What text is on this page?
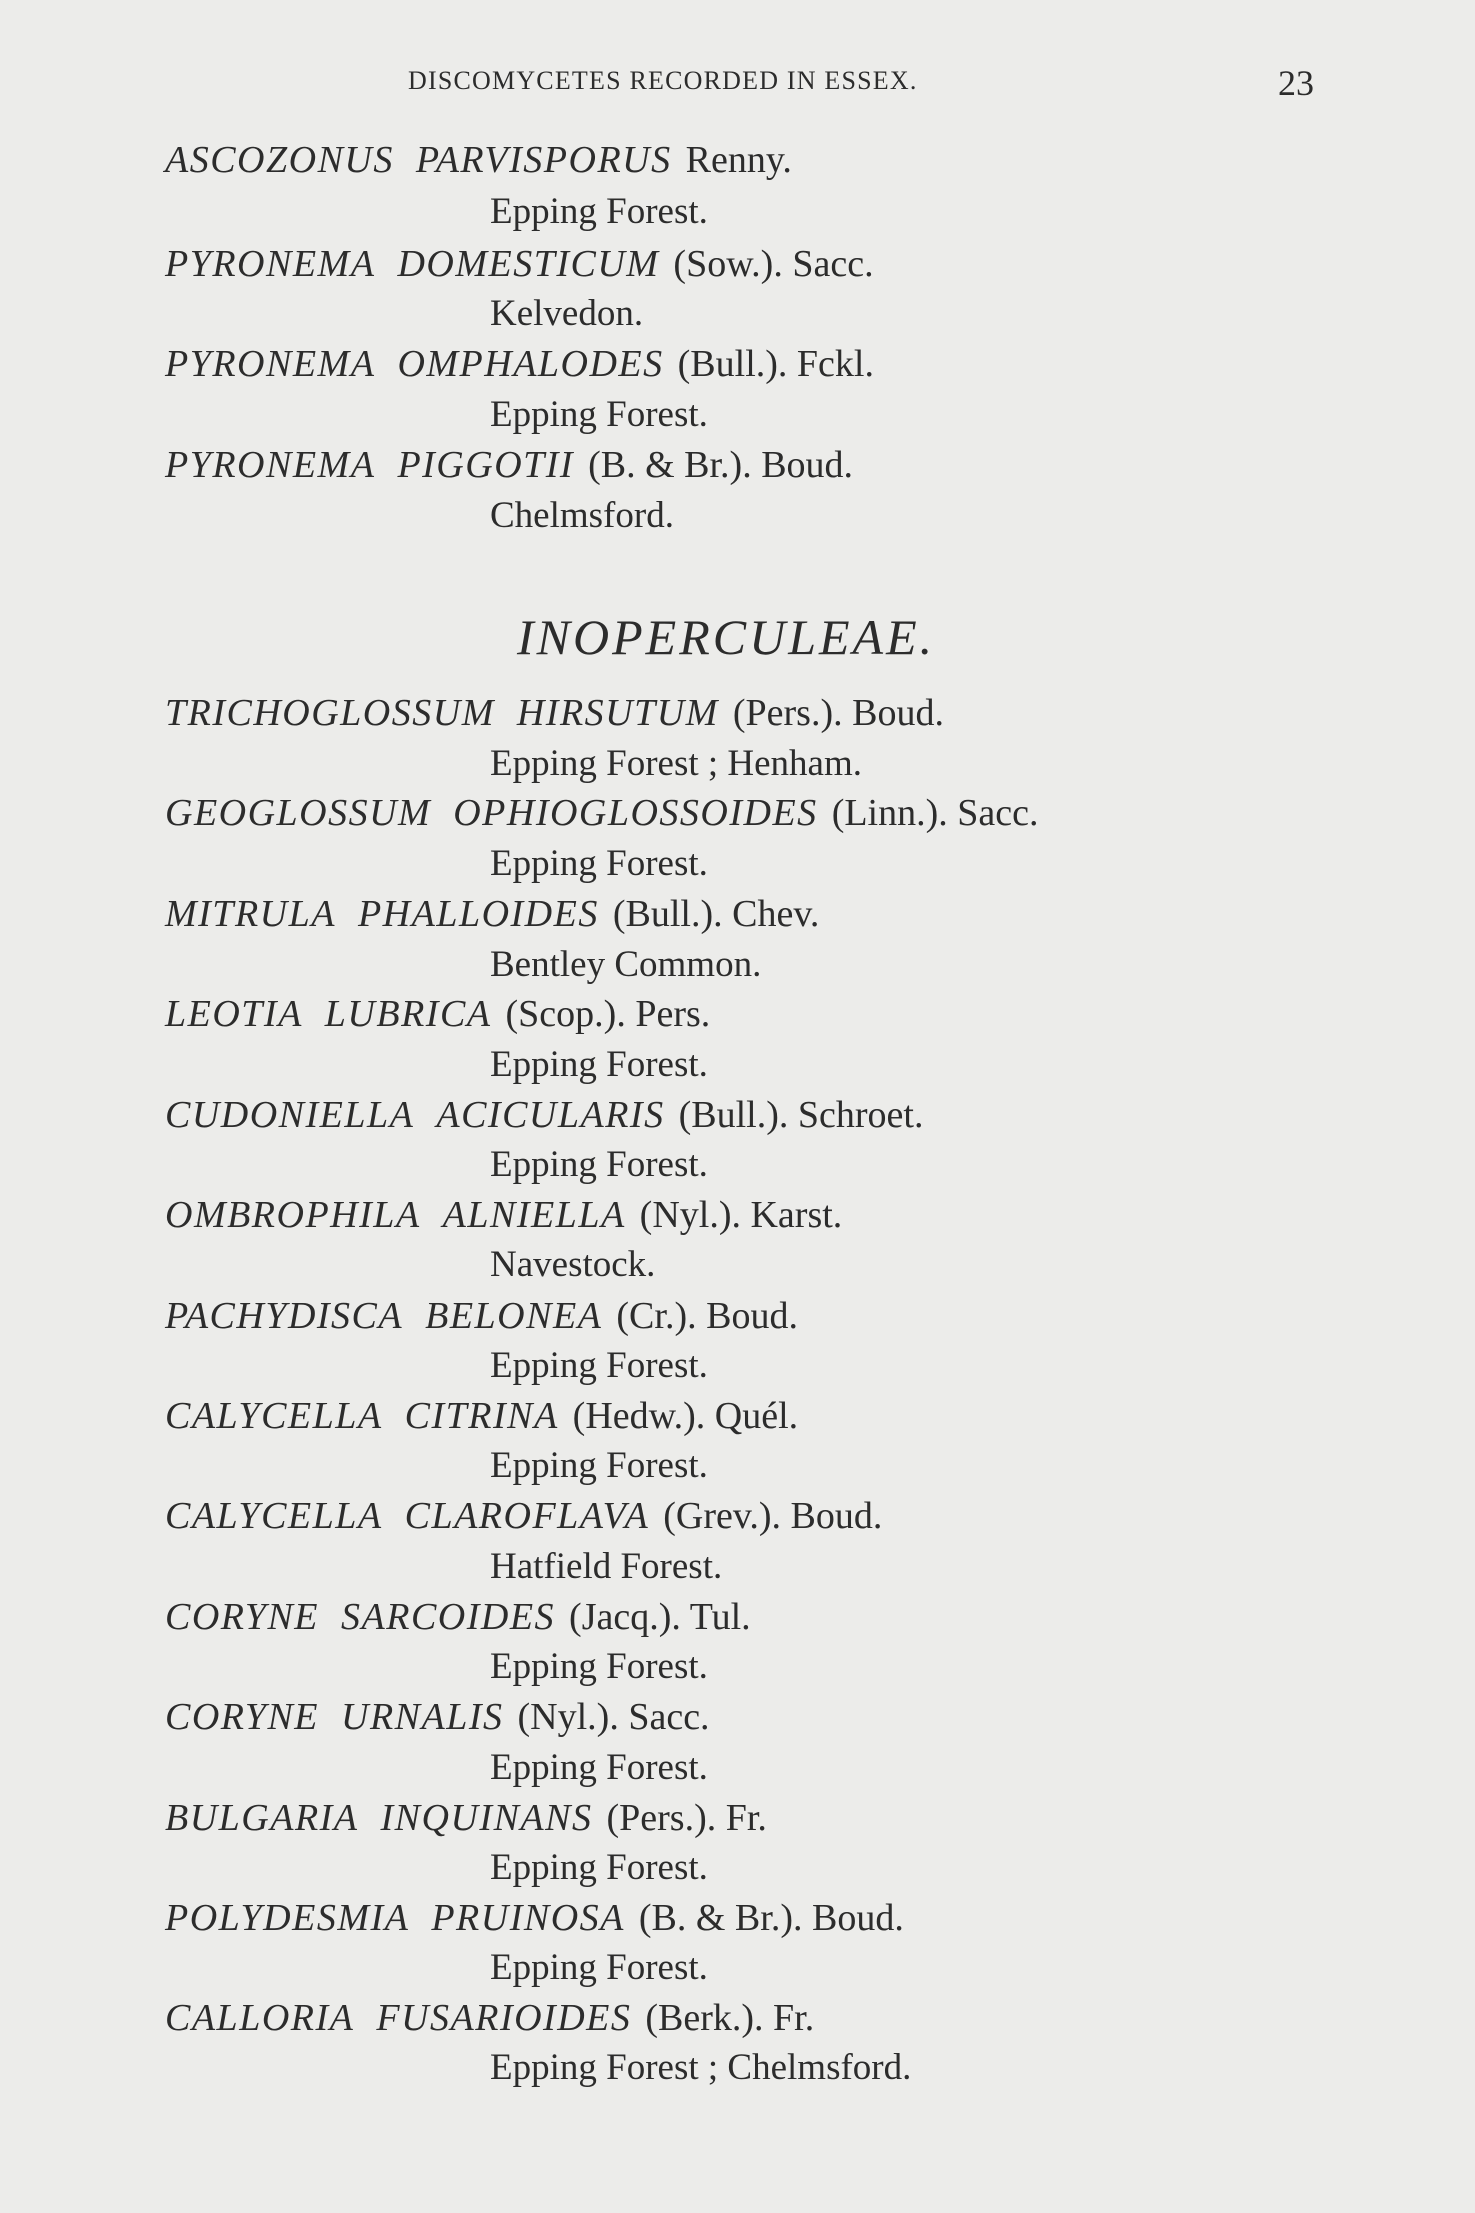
DISCOMYCETES RECORDED IN ESSEX.	23
ASCOZONUS PARVISPORUS Renny.
Epping Forest.
PYRONEMA DOMESTICUM (Sow.). Sacc.
Kelvedon.
PYRONEMA OMPHALODES (Bull.). Fckl.
Epping Forest.
PYRONEMA PIGGOTII (B. & Br.). Boud.
Chelmsford.
INOPERCULEAE.
TRICHOGLOSSUM HIRSUTUM (Pers.). Boud.
Epping Forest ; Henham.
GEOGLOSSUM OPHIOGLOSSOIDES (Linn.). Sacc.
Epping Forest.
MITRULA PHALLOIDES (Bull.). Chev.
Bentley Common.
LEOTIA LUBRICA (Scop.). Pers.
Epping Forest.
CUDONIELLA ACICULARIS (Bull.). Schroet.
Epping Forest.
OMBROPHILA ALNIELLA (Nyl.). Karst.
Navestock.
PACHYDISCA BELONEA (Cr.). Boud.
Epping Forest.
CALYCELLA CITRINA (Hedw.). Quél.
Epping Forest.
CALYCELLA CLAROFLAVA (Grev.). Boud.
Hatfield Forest.
CORYNE SARCOIDES (Jacq.). Tul.
Epping Forest.
CORYNE URNALIS (Nyl.). Sacc.
Epping Forest.
BULGARIA INQUINANS (Pers.). Fr.
Epping Forest.
POLYDESMIA PRUINOSA (B. & Br.). Boud.
Epping Forest.
CALLORIA FUSARIOIDES (Berk.). Fr.
Epping Forest ; Chelmsford.
